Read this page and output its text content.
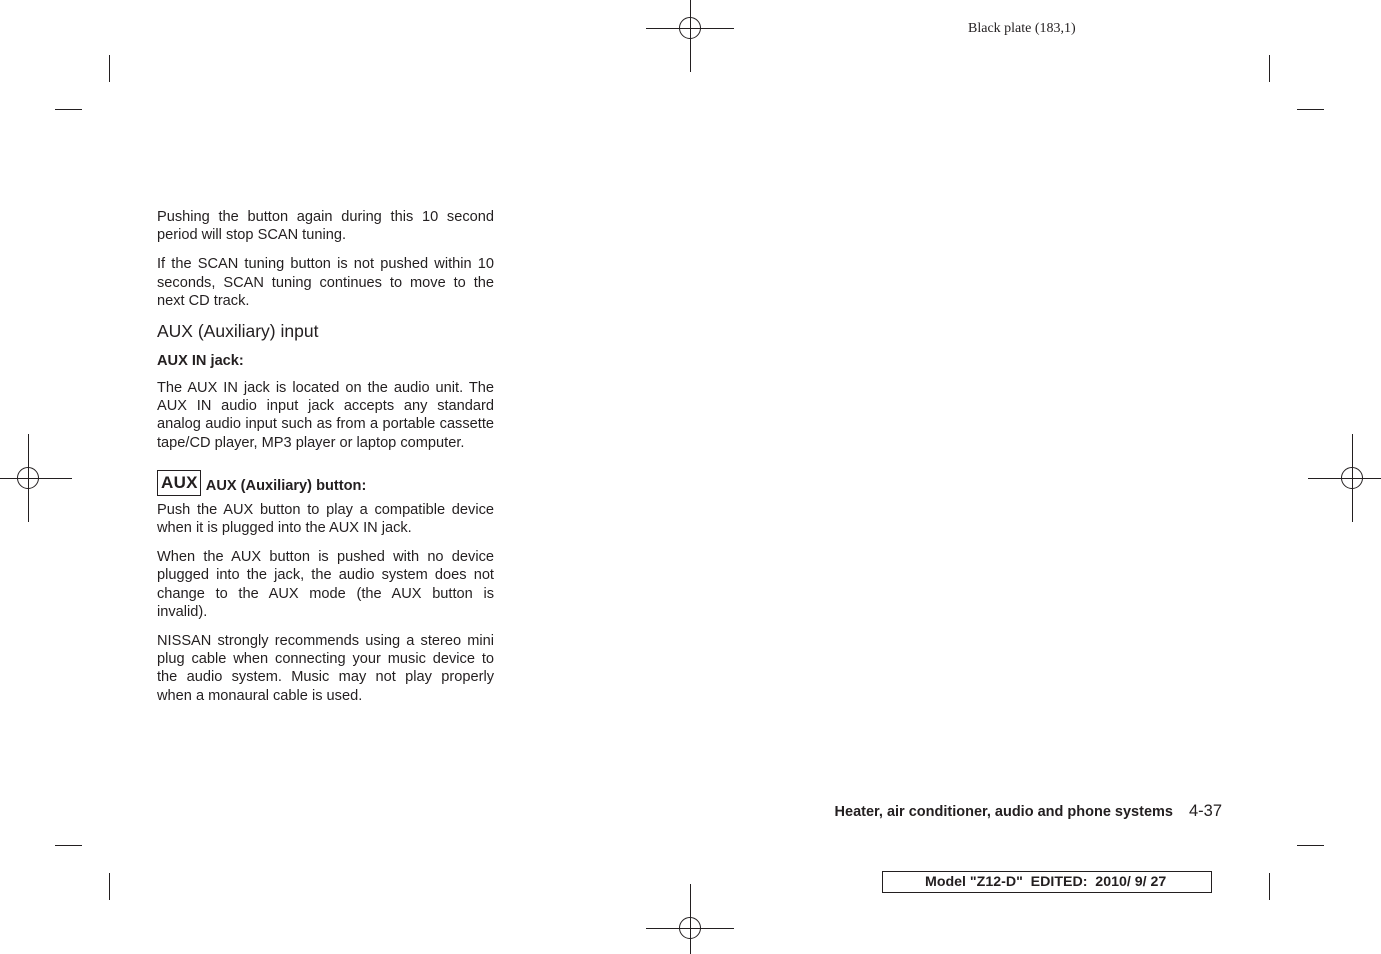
Black plate (183,1)

Pushing the button again during this 10 second period will stop SCAN tuning.

If the SCAN tuning button is not pushed within 10 seconds, SCAN tuning continues to move to the next CD track.

AUX (Auxiliary) input
AUX IN jack:

The AUX IN jack is located on the audio unit. The AUX IN audio input jack accepts any standard analog audio input such as from a portable cassette tape/CD player, MP3 player or laptop computer.

AUX AUX (Auxiliary) button:

Push the AUX button to play a compatible device when it is plugged into the AUX IN jack.

When the AUX button is pushed with no device plugged into the jack, the audio system does not change to the AUX mode (the AUX button is invalid).

NISSAN strongly recommends using a stereo mini plug cable when connecting your music device to the audio system. Music may not play properly when a monaural cable is used.

Heater, air conditioner, audio and phone systems 4-37
Model "Z12-D"  EDITED:  2010/ 9/ 27
